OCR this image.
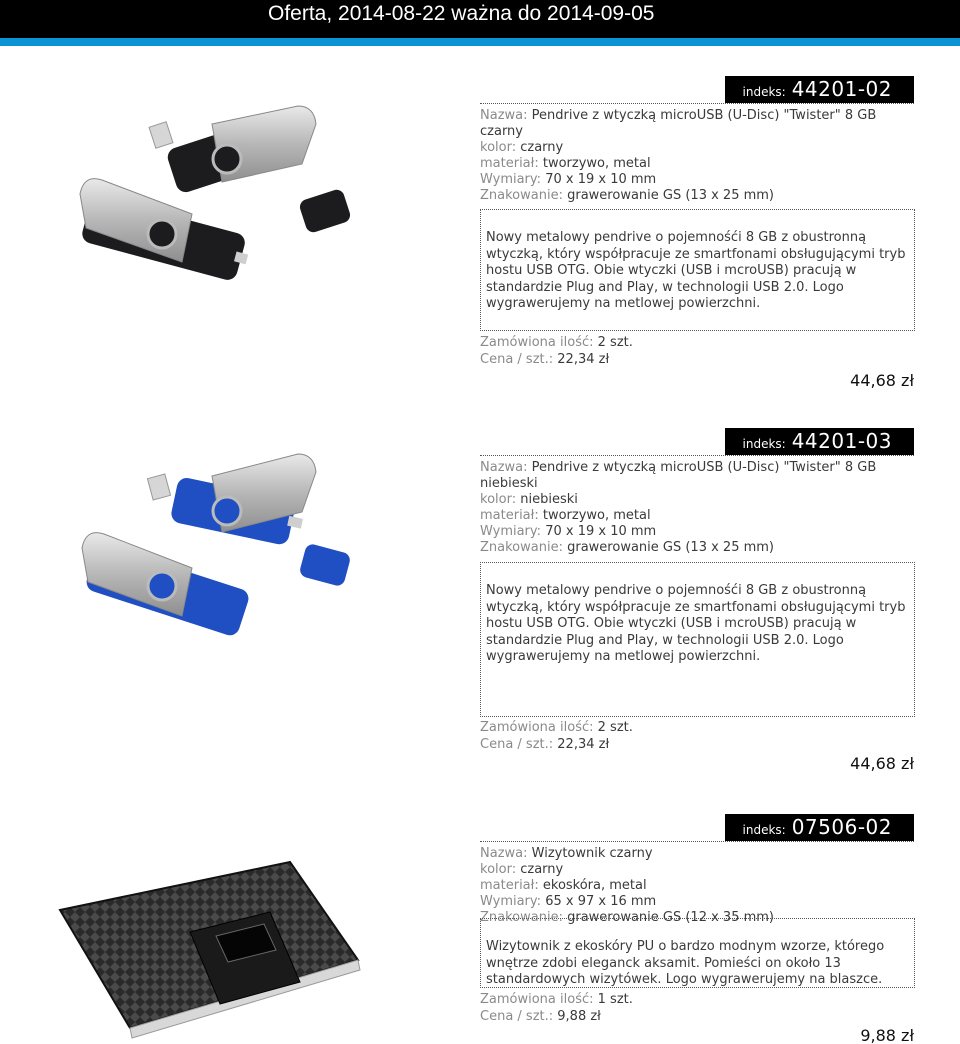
Oferta, 2014-08-22 ważna do 2014-09-05
indeks: 44201-02
Nazwa: Pendrive z wtyczką microUSB (U-Disc) "Twister" 8 GB
czarny
kolor: czarny
materiał: tworzywo, metal
Wymiary: 70 x 19 x 10 mm
Znakowanie: grawerowanie GS (13 x 25 mm)
Nowy metalowy pendrive o pojemnośći 8 GB z obustronną
wtyczką, który współpracuje ze smartfonami obsługującymi tryb
hostu USB OTG. Obie wtyczki (USB i mcroUSB) pracują w
standardzie Plug and Play, w technologii USB 2.0. Logo
wygrawerujemy na metlowej powierzchni.
Zamówiona ilość: 2 szt.
Cena / szt.: 22,34 zł
44,68 zł
indeks: 44201-03
Nazwa: Pendrive z wtyczką microUSB (U-Disc) "Twister" 8 GB
niebieski
kolor: niebieski
materiał: tworzywo, metal
Wymiary: 70 x 19 x 10 mm
Znakowanie: grawerowanie GS (13 x 25 mm)
Nowy metalowy pendrive o pojemnośći 8 GB z obustronną
wtyczką, który współpracuje ze smartfonami obsługującymi tryb
hostu USB OTG. Obie wtyczki (USB i mcroUSB) pracują w
standardzie Plug and Play, w technologii USB 2.0. Logo
wygrawerujemy na metlowej powierzchni.
Zamówiona ilość: 2 szt.
Cena / szt.: 22,34 zł
44,68 zł
indeks: 07506-02
Nazwa: Wizytownik czarny
kolor: czarny
materiał: ekoskóra, metal
Wymiary: 65 x 97 x 16 mm
Znakowanie: grawerowanie GS (12 x 35 mm)
Wizytownik z ekoskóry PU o bardzo modnym wzorze, którego
wnętrze zdobi eleganck aksamit. Pomieści on około 13
standardowych wizytówek. Logo wygrawerujemy na blaszce.
Zamówiona ilość: 1 szt.
Cena / szt.: 9,88 zł
9,88 zł
